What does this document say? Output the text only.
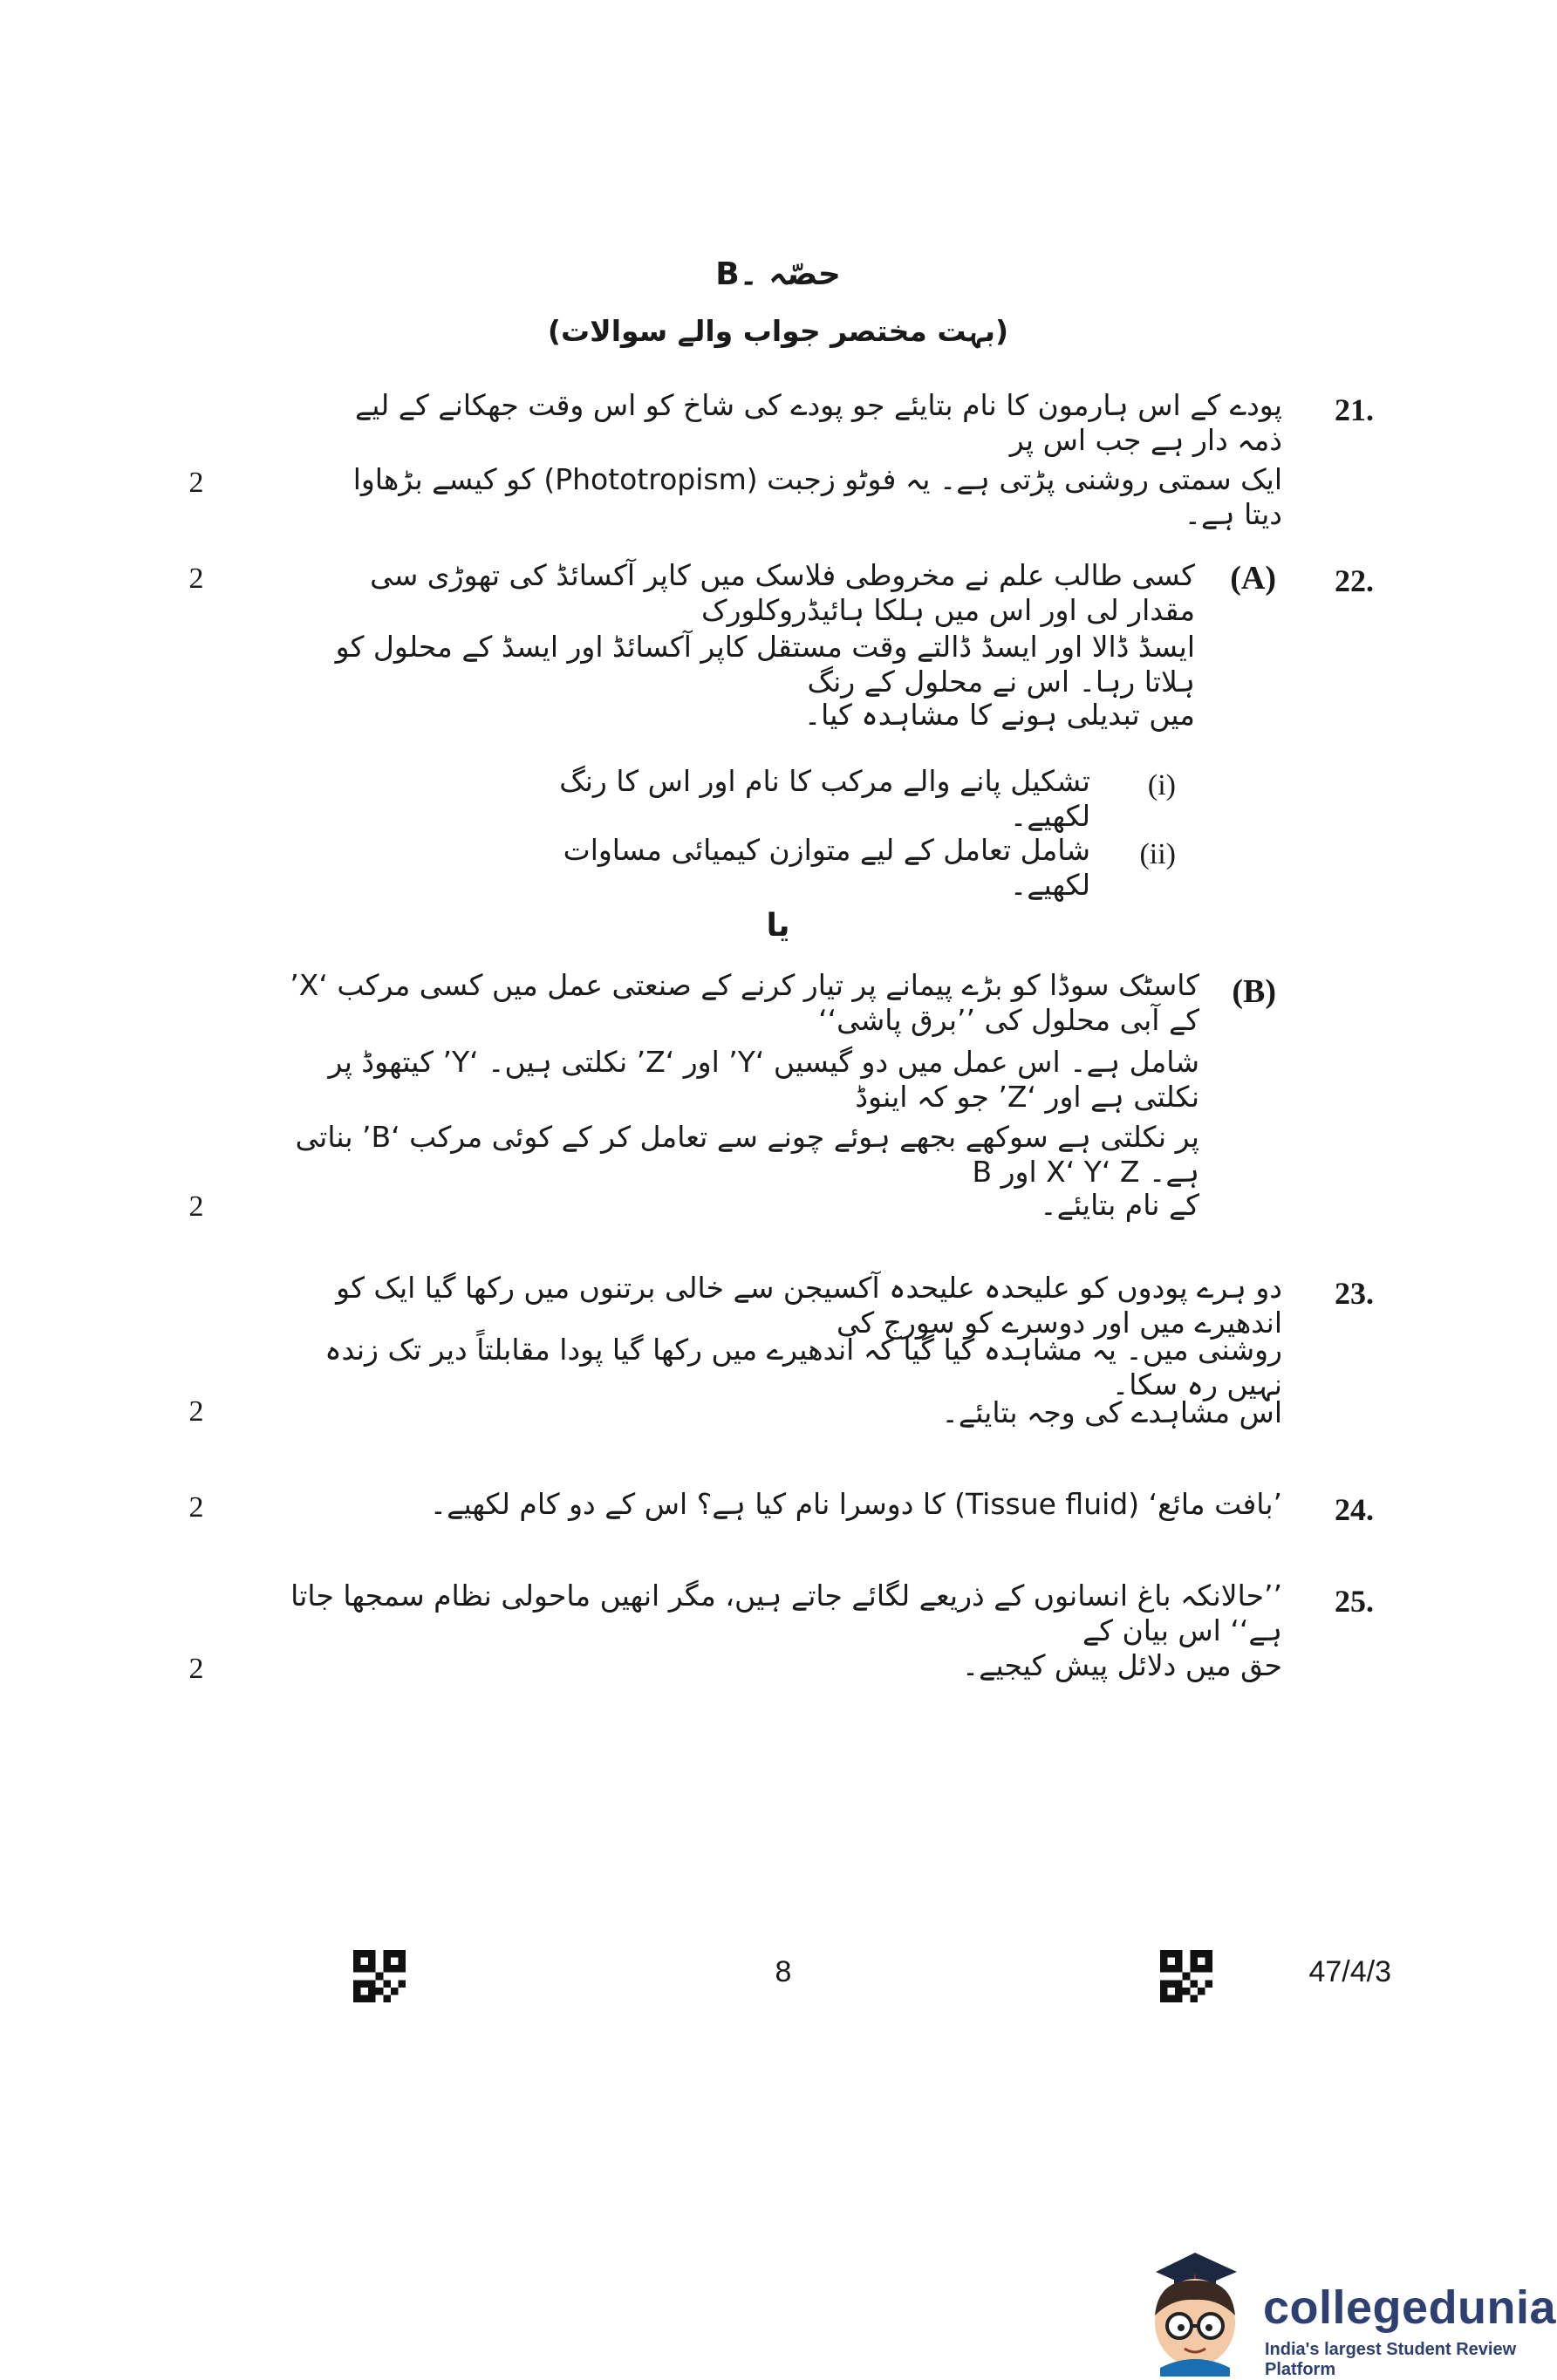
حصّہ ۔B
(بہت مختصر جواب والے سوالات)
21.
پودے کے اس ہارمون کا نام بتایئے جو پودے کی شاخ کو اس وقت جھکانے کے لیے ذمہ دار ہے جب اس پر
ایک سمتی روشنی پڑتی ہے۔ یہ فوٹو زجبت (Phototropism) کو کیسے بڑھاوا دیتا ہے۔
2
22.
(A)
2	کسی طالب علم نے مخروطی فلاسک میں کاپر آکسائڈ کی تھوڑی سی مقدار لی اور اس میں ہلکا ہائیڈروکلورک
ایسڈ ڈالا اور ایسڈ ڈالتے وقت مستقل کاپر آکسائڈ اور ایسڈ کے محلول کو ہلاتا رہا۔ اس نے محلول کے رنگ
میں تبدیلی ہونے کا مشاہدہ کیا۔
(i)
تشکیل پانے والے مرکب کا نام اور اس کا رنگ لکھیے۔
(ii)
شامل تعامل کے لیے متوازن کیمیائی مساوات لکھیے۔
یا
(B)
کاسٹک سوڈا کو بڑے پیمانے پر تیار کرنے کے صنعتی عمل میں کسی مرکب ‘X’ کے آبی محلول کی ’’برق پاشی‘‘
شامل ہے۔ اس عمل میں دو گیسیں ‘Y’ اور ‘Z’ نکلتی ہیں۔ ‘Y’ کیتھوڈ پر نکلتی ہے اور ‘Z’ جو کہ اینوڈ
پر نکلتی ہے سوکھے بجھے ہوئے چونے سے تعامل کر کے کوئی مرکب ‘B’ بناتی ہے۔ X‘ Y‘ Z اور B
کے نام بتایئے۔
2
23.
دو ہرے پودوں کو علیحدہ علیحدہ آکسیجن سے خالی برتنوں میں رکھا گیا ایک کو اندھیرے میں اور دوسرے کو سورج کی
روشنی میں۔ یہ مشاہدہ کیا گیا کہ اندھیرے میں رکھا گیا پودا مقابلتاً دیر تک زندہ نہیں رہ سکا۔
اس مشاہدے کی وجہ بتایئے۔
2
24.
’بافت مائع‘ (Tissue fluid) کا دوسرا نام کیا ہے؟ اس کے دو کام لکھیے۔
2
25.
’’حالانکہ باغ انسانوں کے ذریعے لگائے جاتے ہیں، مگر انھیں ماحولی نظام سمجھا جاتا ہے‘‘ اس بیان کے
حق میں دلائل پیش کیجیے۔
2
8	47/4/3
collegedunia
India's largest Student Review Platform
